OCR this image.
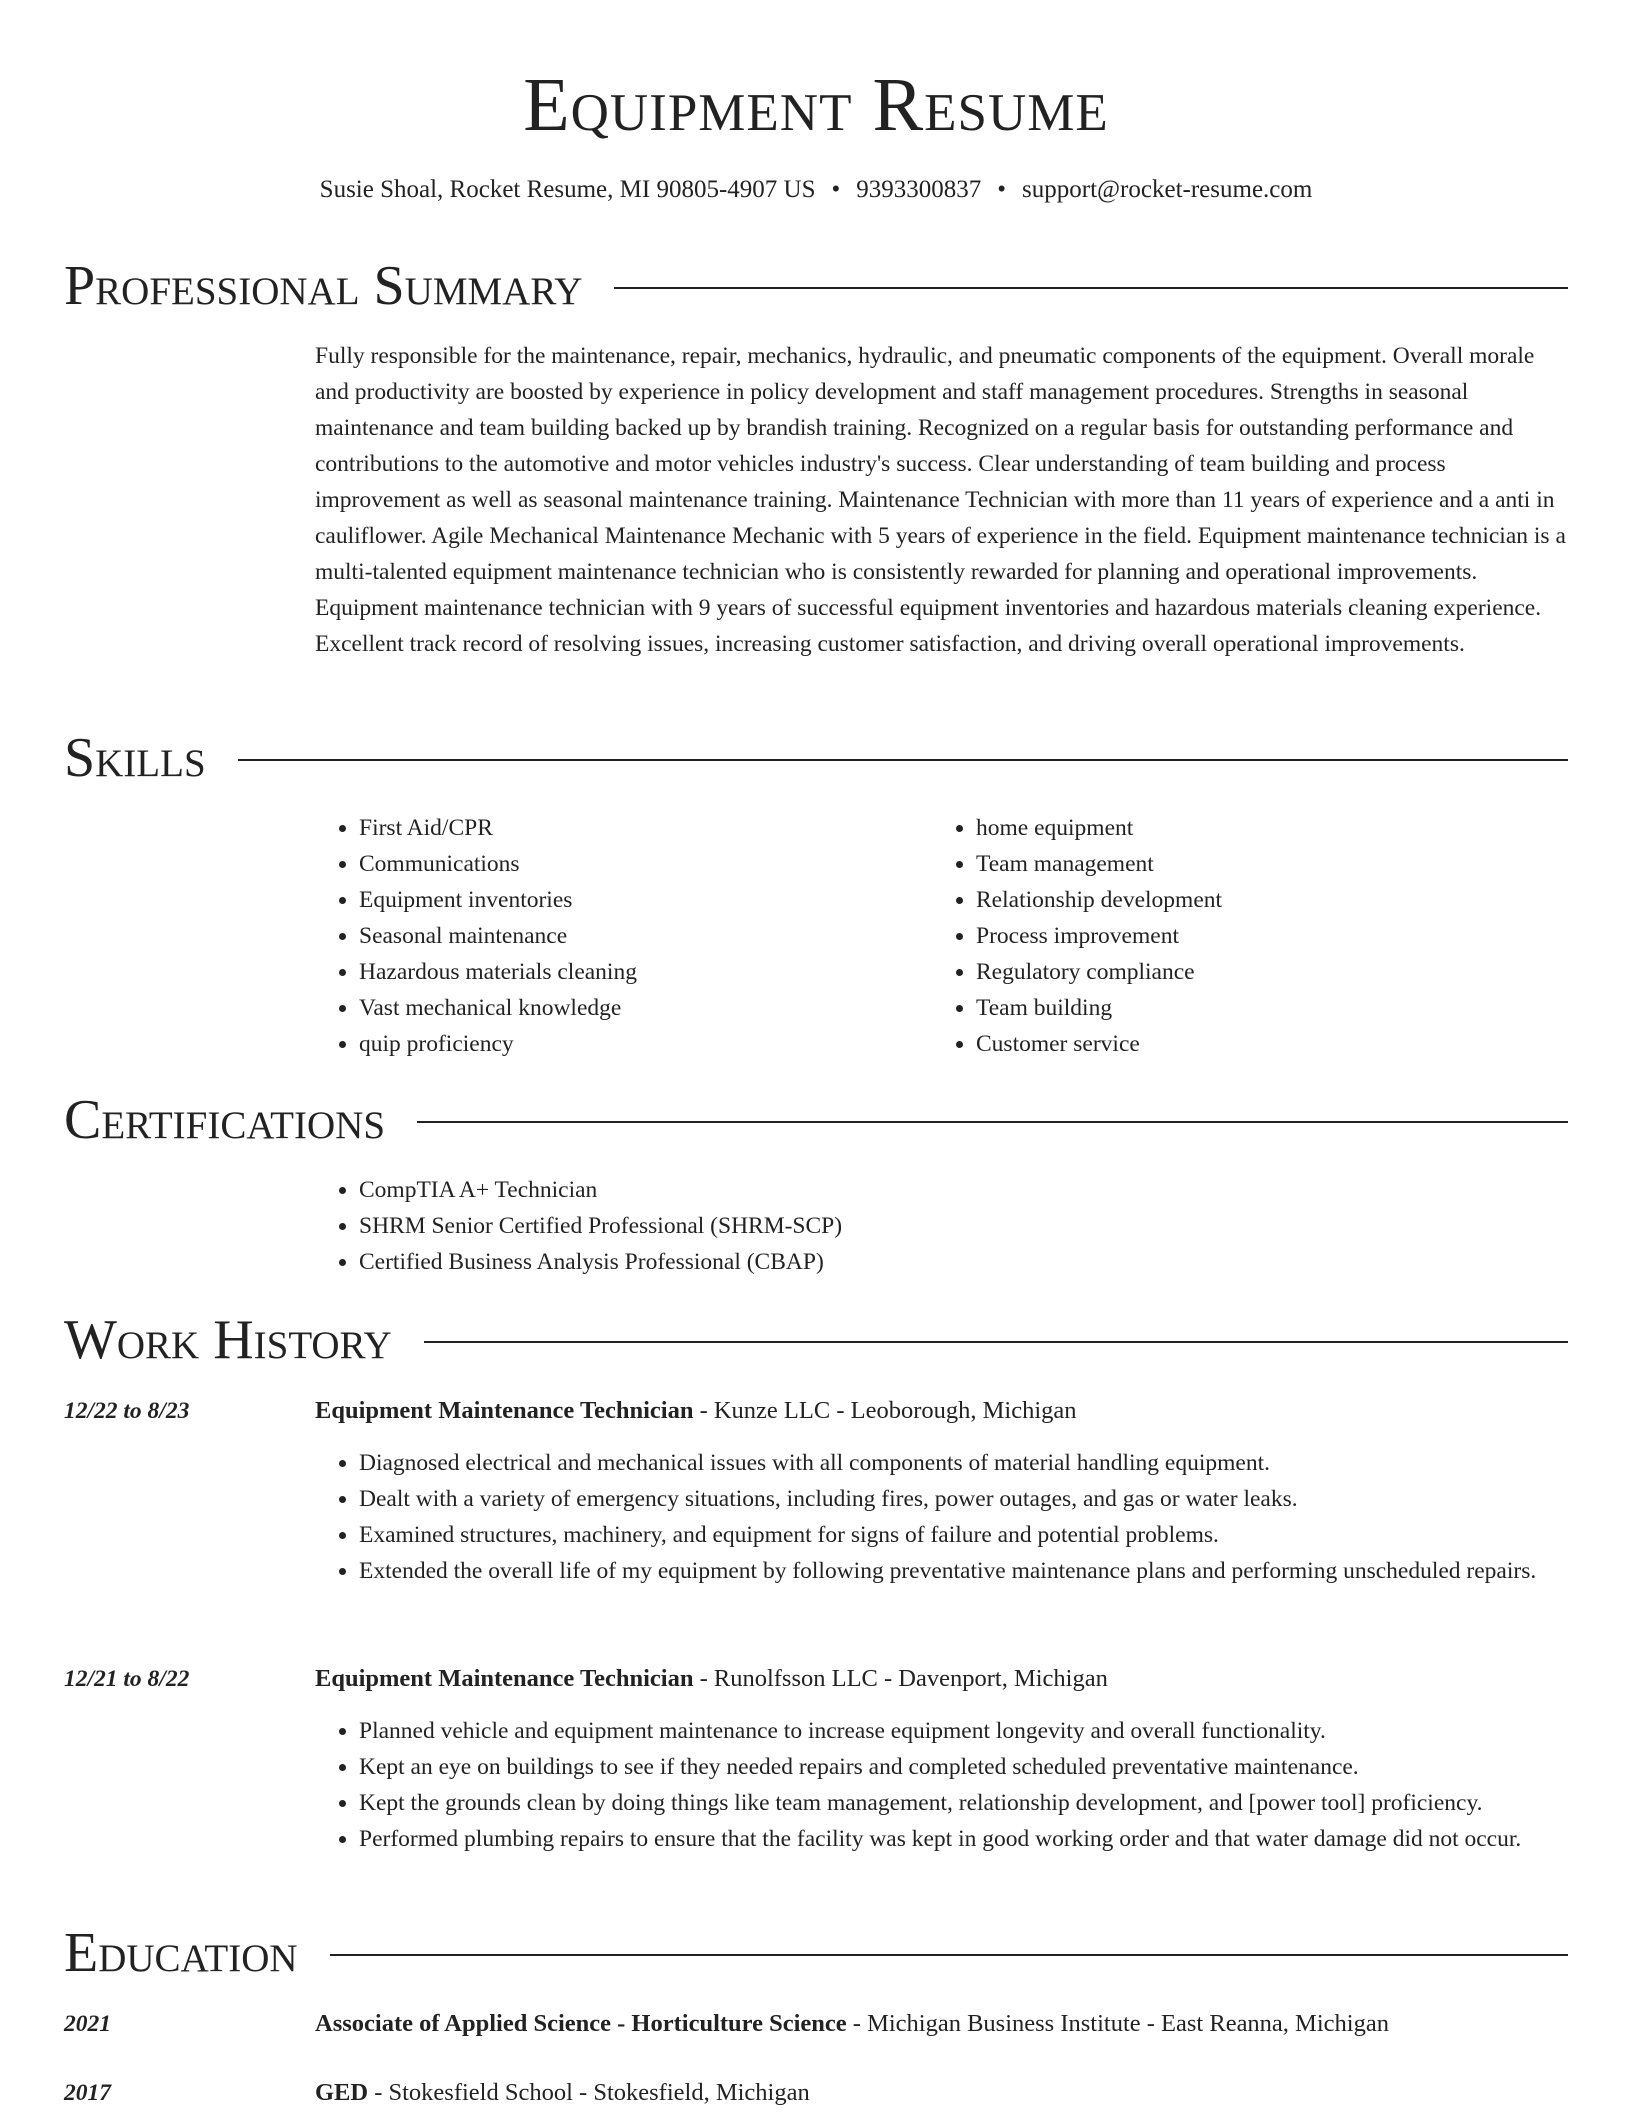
Equipment Resume
Susie Shoal, Rocket Resume, MI 90805-4907 US • 9393300837 • support@rocket-resume.com
Professional Summary
Fully responsible for the maintenance, repair, mechanics, hydraulic, and pneumatic components of the equipment. Overall morale and productivity are boosted by experience in policy development and staff management procedures. Strengths in seasonal maintenance and team building backed up by brandish training. Recognized on a regular basis for outstanding performance and contributions to the automotive and motor vehicles industry's success. Clear understanding of team building and process improvement as well as seasonal maintenance training. Maintenance Technician with more than 11 years of experience and a anti in cauliflower. Agile Mechanical Maintenance Mechanic with 5 years of experience in the field. Equipment maintenance technician is a multi-talented equipment maintenance technician who is consistently rewarded for planning and operational improvements. Equipment maintenance technician with 9 years of successful equipment inventories and hazardous materials cleaning experience. Excellent track record of resolving issues, increasing customer satisfaction, and driving overall operational improvements.
Skills
• First Aid/CPR
• Communications
• Equipment inventories
• Seasonal maintenance
• Hazardous materials cleaning
• Vast mechanical knowledge
• quip proficiency
• home equipment
• Team management
• Relationship development
• Process improvement
• Regulatory compliance
• Team building
• Customer service
Certifications
• CompTIA A+ Technician
• SHRM Senior Certified Professional (SHRM-SCP)
• Certified Business Analysis Professional (CBAP)
Work History
12/22 to 8/23	Equipment Maintenance Technician - Kunze LLC - Leoborough, Michigan
• Diagnosed electrical and mechanical issues with all components of material handling equipment.
• Dealt with a variety of emergency situations, including fires, power outages, and gas or water leaks.
• Examined structures, machinery, and equipment for signs of failure and potential problems.
• Extended the overall life of my equipment by following preventative maintenance plans and performing unscheduled repairs.
12/21 to 8/22	Equipment Maintenance Technician - Runolfsson LLC - Davenport, Michigan
• Planned vehicle and equipment maintenance to increase equipment longevity and overall functionality.
• Kept an eye on buildings to see if they needed repairs and completed scheduled preventative maintenance.
• Kept the grounds clean by doing things like team management, relationship development, and [power tool] proficiency.
• Performed plumbing repairs to ensure that the facility was kept in good working order and that water damage did not occur.
Education
2021	Associate of Applied Science - Horticulture Science - Michigan Business Institute - East Reanna, Michigan
2017	GED - Stokesfield School - Stokesfield, Michigan
